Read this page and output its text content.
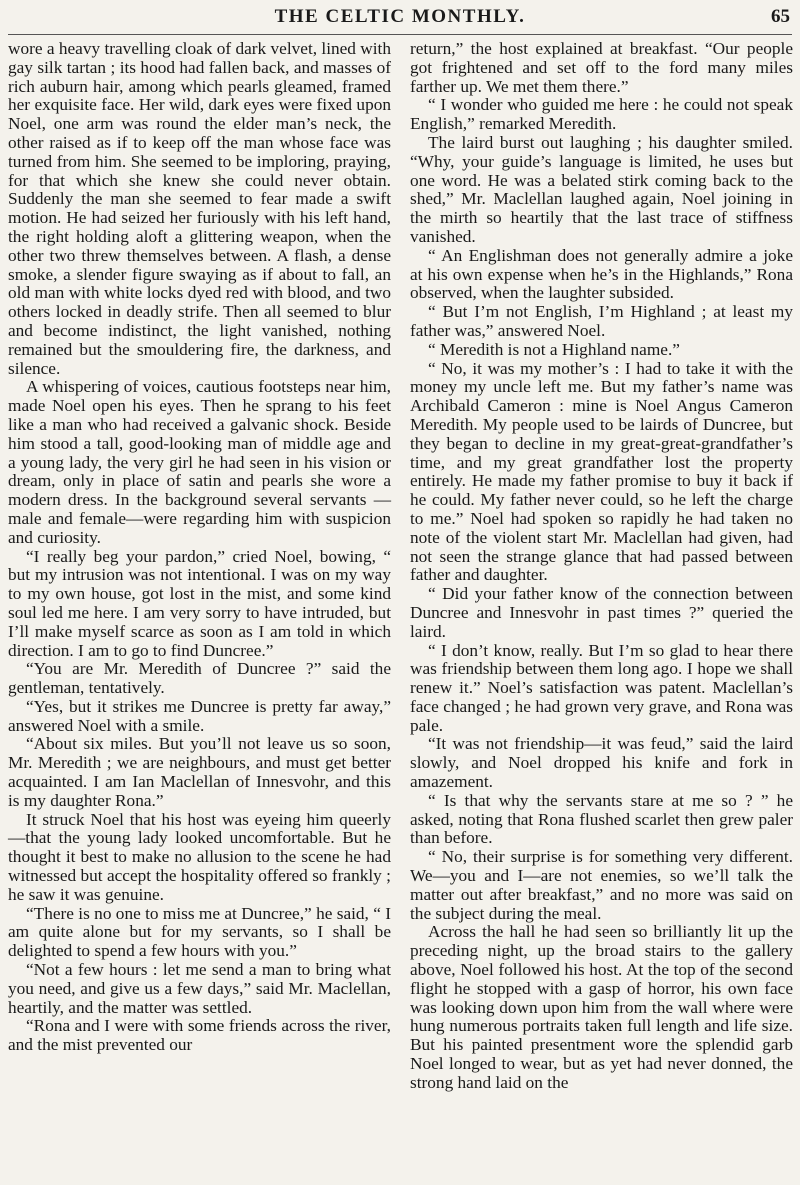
THE CELTIC MONTHLY.	65

wore a heavy travelling cloak of dark velvet, lined with gay silk tartan ; its hood had fallen back, and masses of rich auburn hair, among which pearls gleamed, framed her exquisite face. Her wild, dark eyes were fixed upon Noel, one arm was round the elder man’s neck, the other raised as if to keep off the man whose face was turned from him. She seemed to be imploring, praying, for that which she knew she could never obtain. Suddenly the man she seemed to fear made a swift motion. He had seized her furiously with his left hand, the right holding aloft a glittering weapon, when the other two threw themselves between. A flash, a dense smoke, a slender figure swaying as if about to fall, an old man with white locks dyed red with blood, and two others locked in deadly strife. Then all seemed to blur and become indistinct, the light vanished, nothing remained but the smouldering fire, the darkness, and silence.

A whispering of voices, cautious footsteps near him, made Noel open his eyes. Then he sprang to his feet like a man who had received a galvanic shock. Beside him stood a tall, good-looking man of middle age and a young lady, the very girl he had seen in his vision or dream, only in place of satin and pearls she wore a modern dress. In the background several servants —male and female—were regarding him with suspicion and curiosity.

“I really beg your pardon,” cried Noel, bowing, “ but my intrusion was not intentional. I was on my way to my own house, got lost in the mist, and some kind soul led me here. I am very sorry to have intruded, but I’ll make myself scarce as soon as I am told in which direction. I am to go to find Duncree.”

“You are Mr. Meredith of Duncree ?” said the gentleman, tentatively.

“Yes, but it strikes me Duncree is pretty far away,” answered Noel with a smile.

“About six miles. But you’ll not leave us so soon, Mr. Meredith ; we are neighbours, and must get better acquainted. I am Ian Maclellan of Innesvohr, and this is my daughter Rona.”

It struck Noel that his host was eyeing him queerly—that the young lady looked uncomfortable. But he thought it best to make no allusion to the scene he had witnessed but accept the hospitality offered so frankly ; he saw it was genuine.

“There is no one to miss me at Duncree,” he said, “ I am quite alone but for my servants, so I shall be delighted to spend a few hours with you.”

“Not a few hours : let me send a man to bring what you need, and give us a few days,” said Mr. Maclellan, heartily, and the matter was settled.

“Rona and I were with some friends across the river, and the mist prevented our

return,” the host explained at breakfast. “Our people got frightened and set off to the ford many miles farther up. We met them there.”

“ I wonder who guided me here : he could not speak English,” remarked Meredith.

The laird burst out laughing ; his daughter smiled. “Why, your guide’s language is limited, he uses but one word. He was a belated stirk coming back to the shed,” Mr. Maclellan laughed again, Noel joining in the mirth so heartily that the last trace of stiffness vanished.

“ An Englishman does not generally admire a joke at his own expense when he’s in the Highlands,” Rona observed, when the laughter subsided.

“ But I’m not English, I’m Highland ; at least my father was,” answered Noel.

“ Meredith is not a Highland name.”

“ No, it was my mother’s : I had to take it with the money my uncle left me. But my father’s name was Archibald Cameron : mine is Noel Angus Cameron Meredith. My people used to be lairds of Duncree, but they began to decline in my great-great-grandfather’s time, and my great grandfather lost the property entirely. He made my father promise to buy it back if he could. My father never could, so he left the charge to me.” Noel had spoken so rapidly he had taken no note of the violent start Mr. Maclellan had given, had not seen the strange glance that had passed between father and daughter.

“ Did your father know of the connection between Duncree and Innesvohr in past times ?” queried the laird.

“ I don’t know, really. But I’m so glad to hear there was friendship between them long ago. I hope we shall renew it.” Noel’s satisfaction was patent. Maclellan’s face changed ; he had grown very grave, and Rona was pale.

“It was not friendship—it was feud,” said the laird slowly, and Noel dropped his knife and fork in amazement.

“ Is that why the servants stare at me so ? ” he asked, noting that Rona flushed scarlet then grew paler than before.

“ No, their surprise is for something very different. We—you and I—are not enemies, so we’ll talk the matter out after breakfast,” and no more was said on the subject during the meal.

Across the hall he had seen so brilliantly lit up the preceding night, up the broad stairs to the gallery above, Noel followed his host. At the top of the second flight he stopped with a gasp of horror, his own face was looking down upon him from the wall where were hung numerous portraits taken full length and life size. But his painted presentment wore the splendid garb Noel longed to wear, but as yet had never donned, the strong hand laid on the
